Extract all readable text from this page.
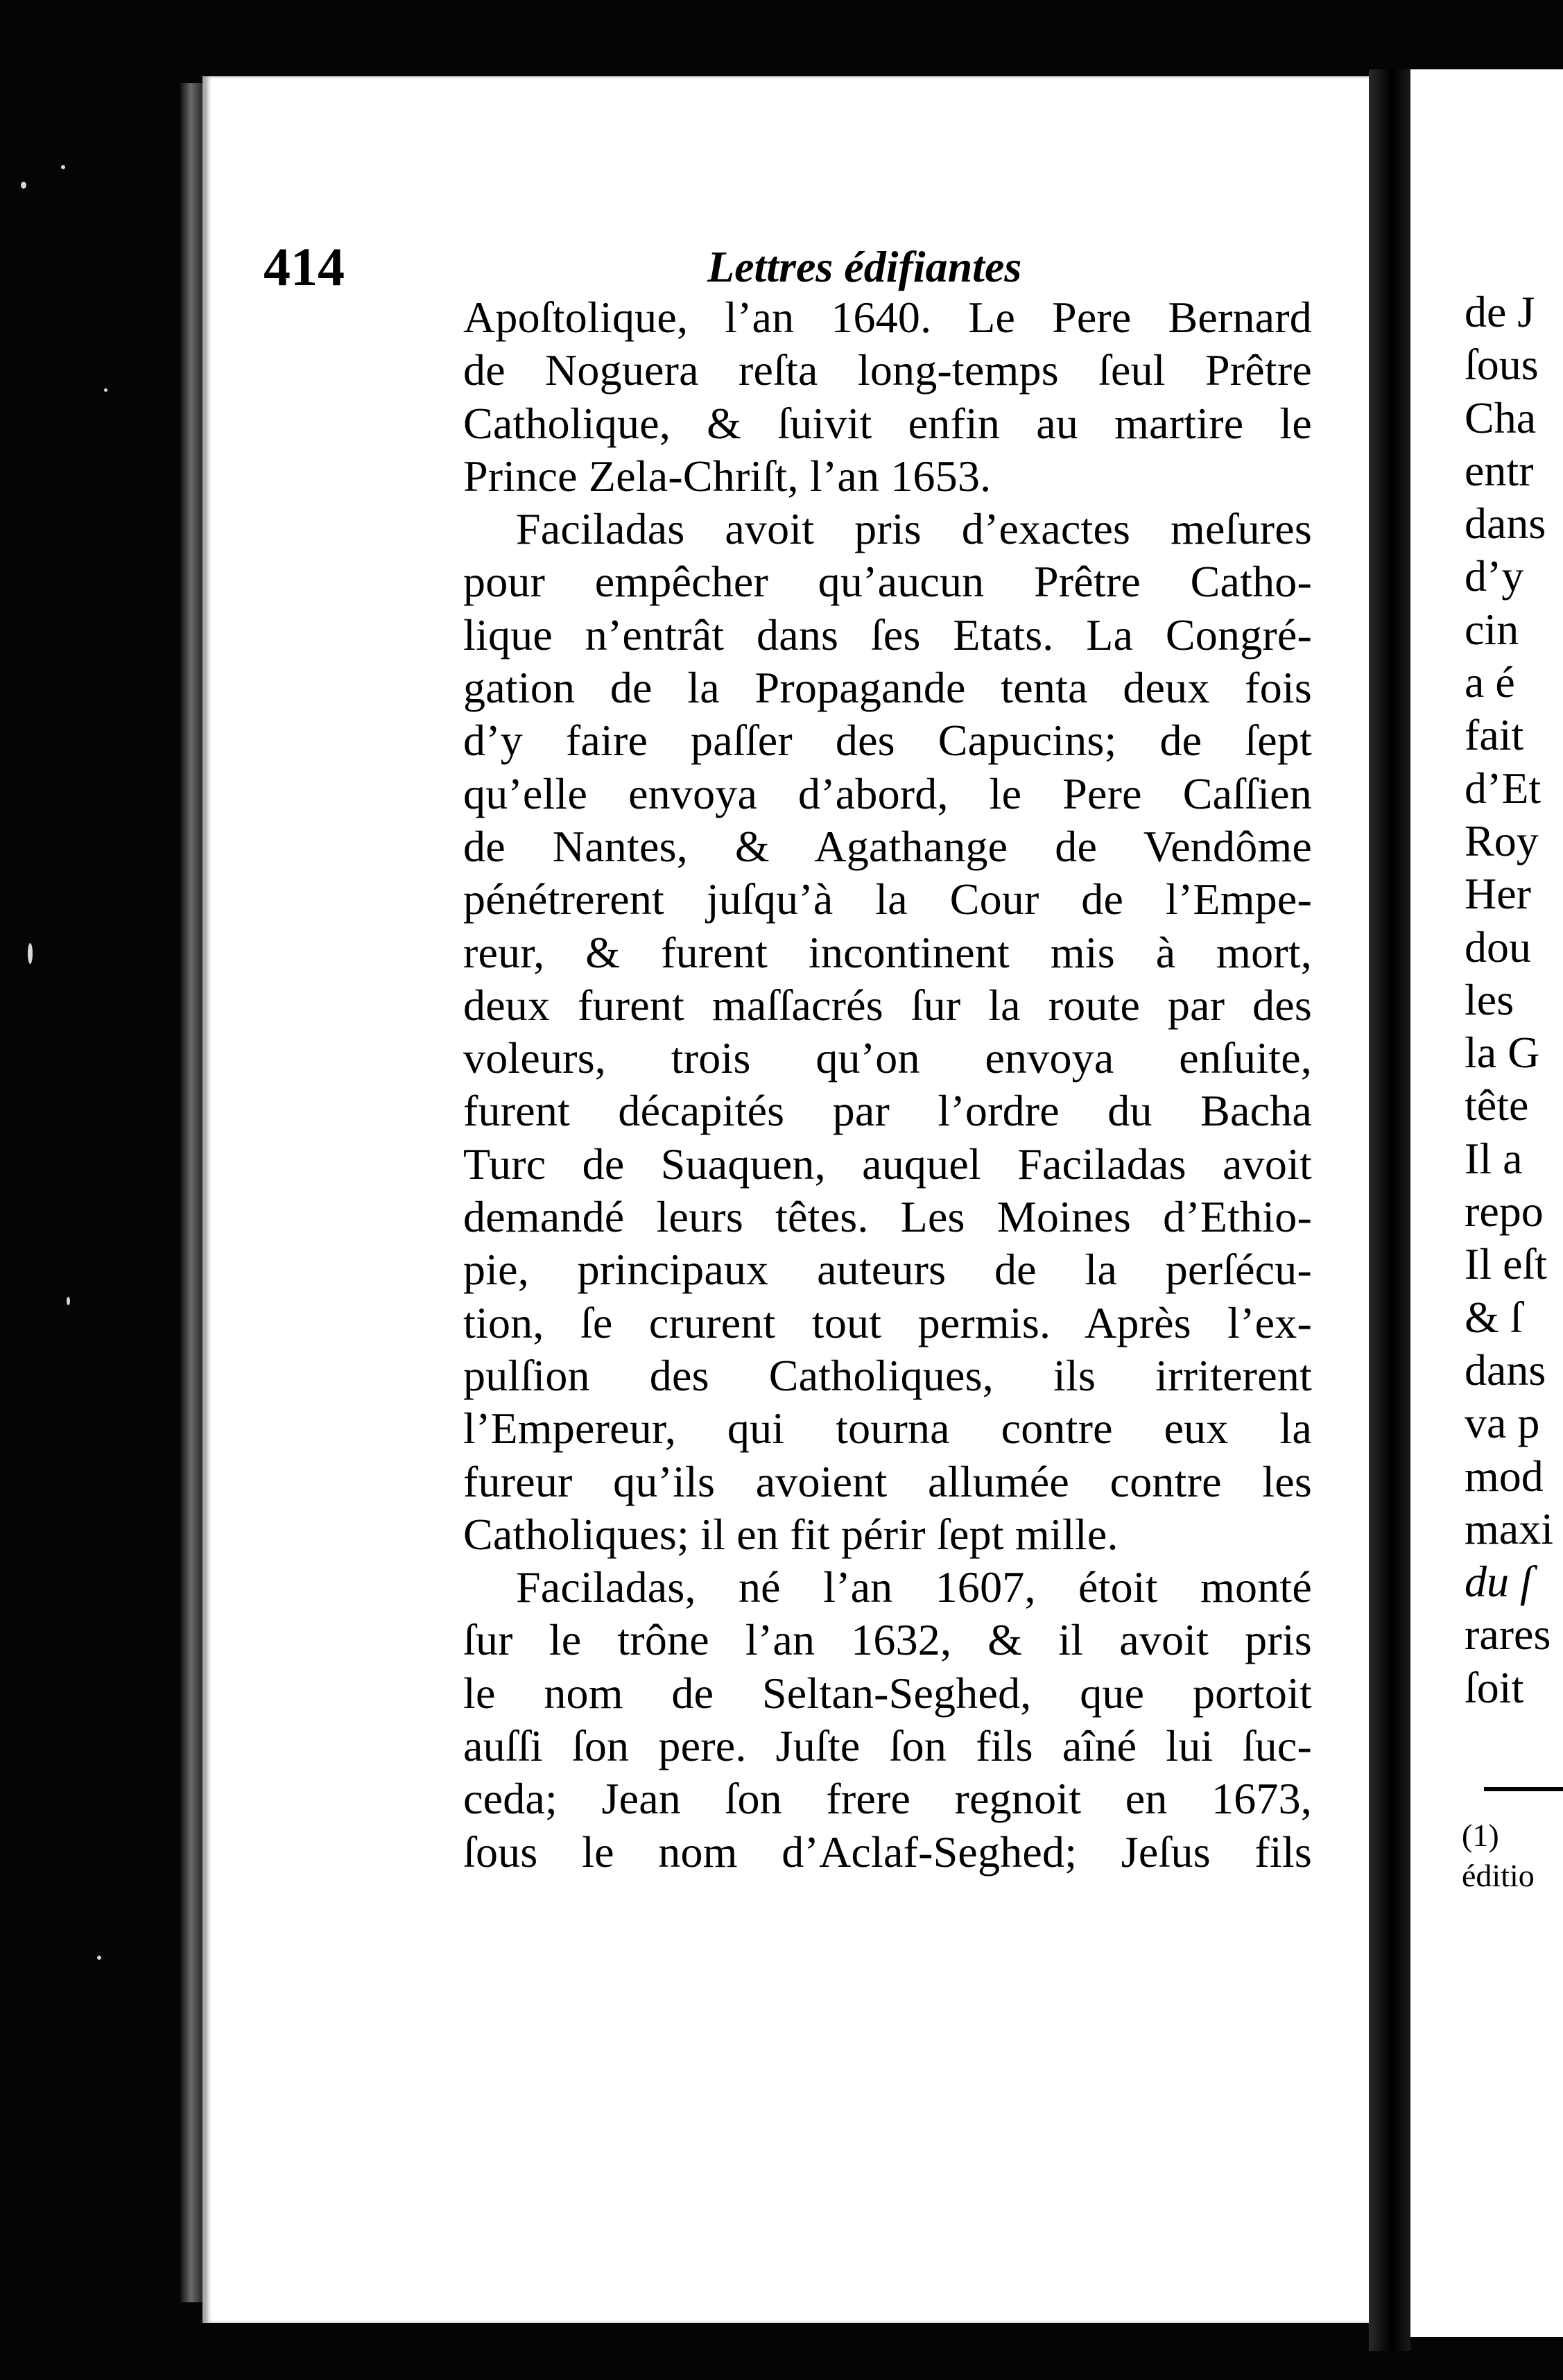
414	Lettres édifiantes
Apoſtolique, l’an 1640. Le Pere Bernard
de Noguera reſta long-temps ſeul Prêtre
Catholique, & ſuivit enfin au martire le
Prince Zela-Chriſt, l’an 1653.
Faciladas avoit pris d’exactes meſures
pour empêcher qu’aucun Prêtre Catho-
lique n’entrât dans ſes Etats. La Congré-
gation de la Propagande tenta deux fois
d’y faire paſſer des Capucins; de ſept
qu’elle envoya d’abord, le Pere Caſſien
de Nantes, & Agathange de Vendôme
pénétrerent juſqu’à la Cour de l’Empe-
reur, & furent incontinent mis à mort,
deux furent maſſacrés ſur la route par des
voleurs, trois qu’on envoya enſuite,
furent décapités par l’ordre du Bacha
Turc de Suaquen, auquel Faciladas avoit
demandé leurs têtes. Les Moines d’Ethio-
pie, principaux auteurs de la perſécu-
tion, ſe crurent tout permis. Après l’ex-
pulſion des Catholiques, ils irriterent
l’Empereur, qui tourna contre eux la
fureur qu’ils avoient allumée contre les
Catholiques; il en fit périr ſept mille.
Faciladas, né l’an 1607, étoit monté
ſur le trône l’an 1632, & il avoit pris
le nom de Seltan-Seghed, que portoit
auſſi ſon pere. Juſte ſon fils aîné lui ſuc-
ceda; Jean ſon frere regnoit en 1673,
ſous le nom d’Aclaf-Seghed; Jeſus fils
de J
ſous
Cha
entr
dans
d’y
cin
a é
fait
d’Et
Roy
Her
dou
les
la G
tête
Il a
repo
Il eſt
& ſ
dans
va p
mod
maxi
du ſ
rares
ſoit
(1)
éditio
